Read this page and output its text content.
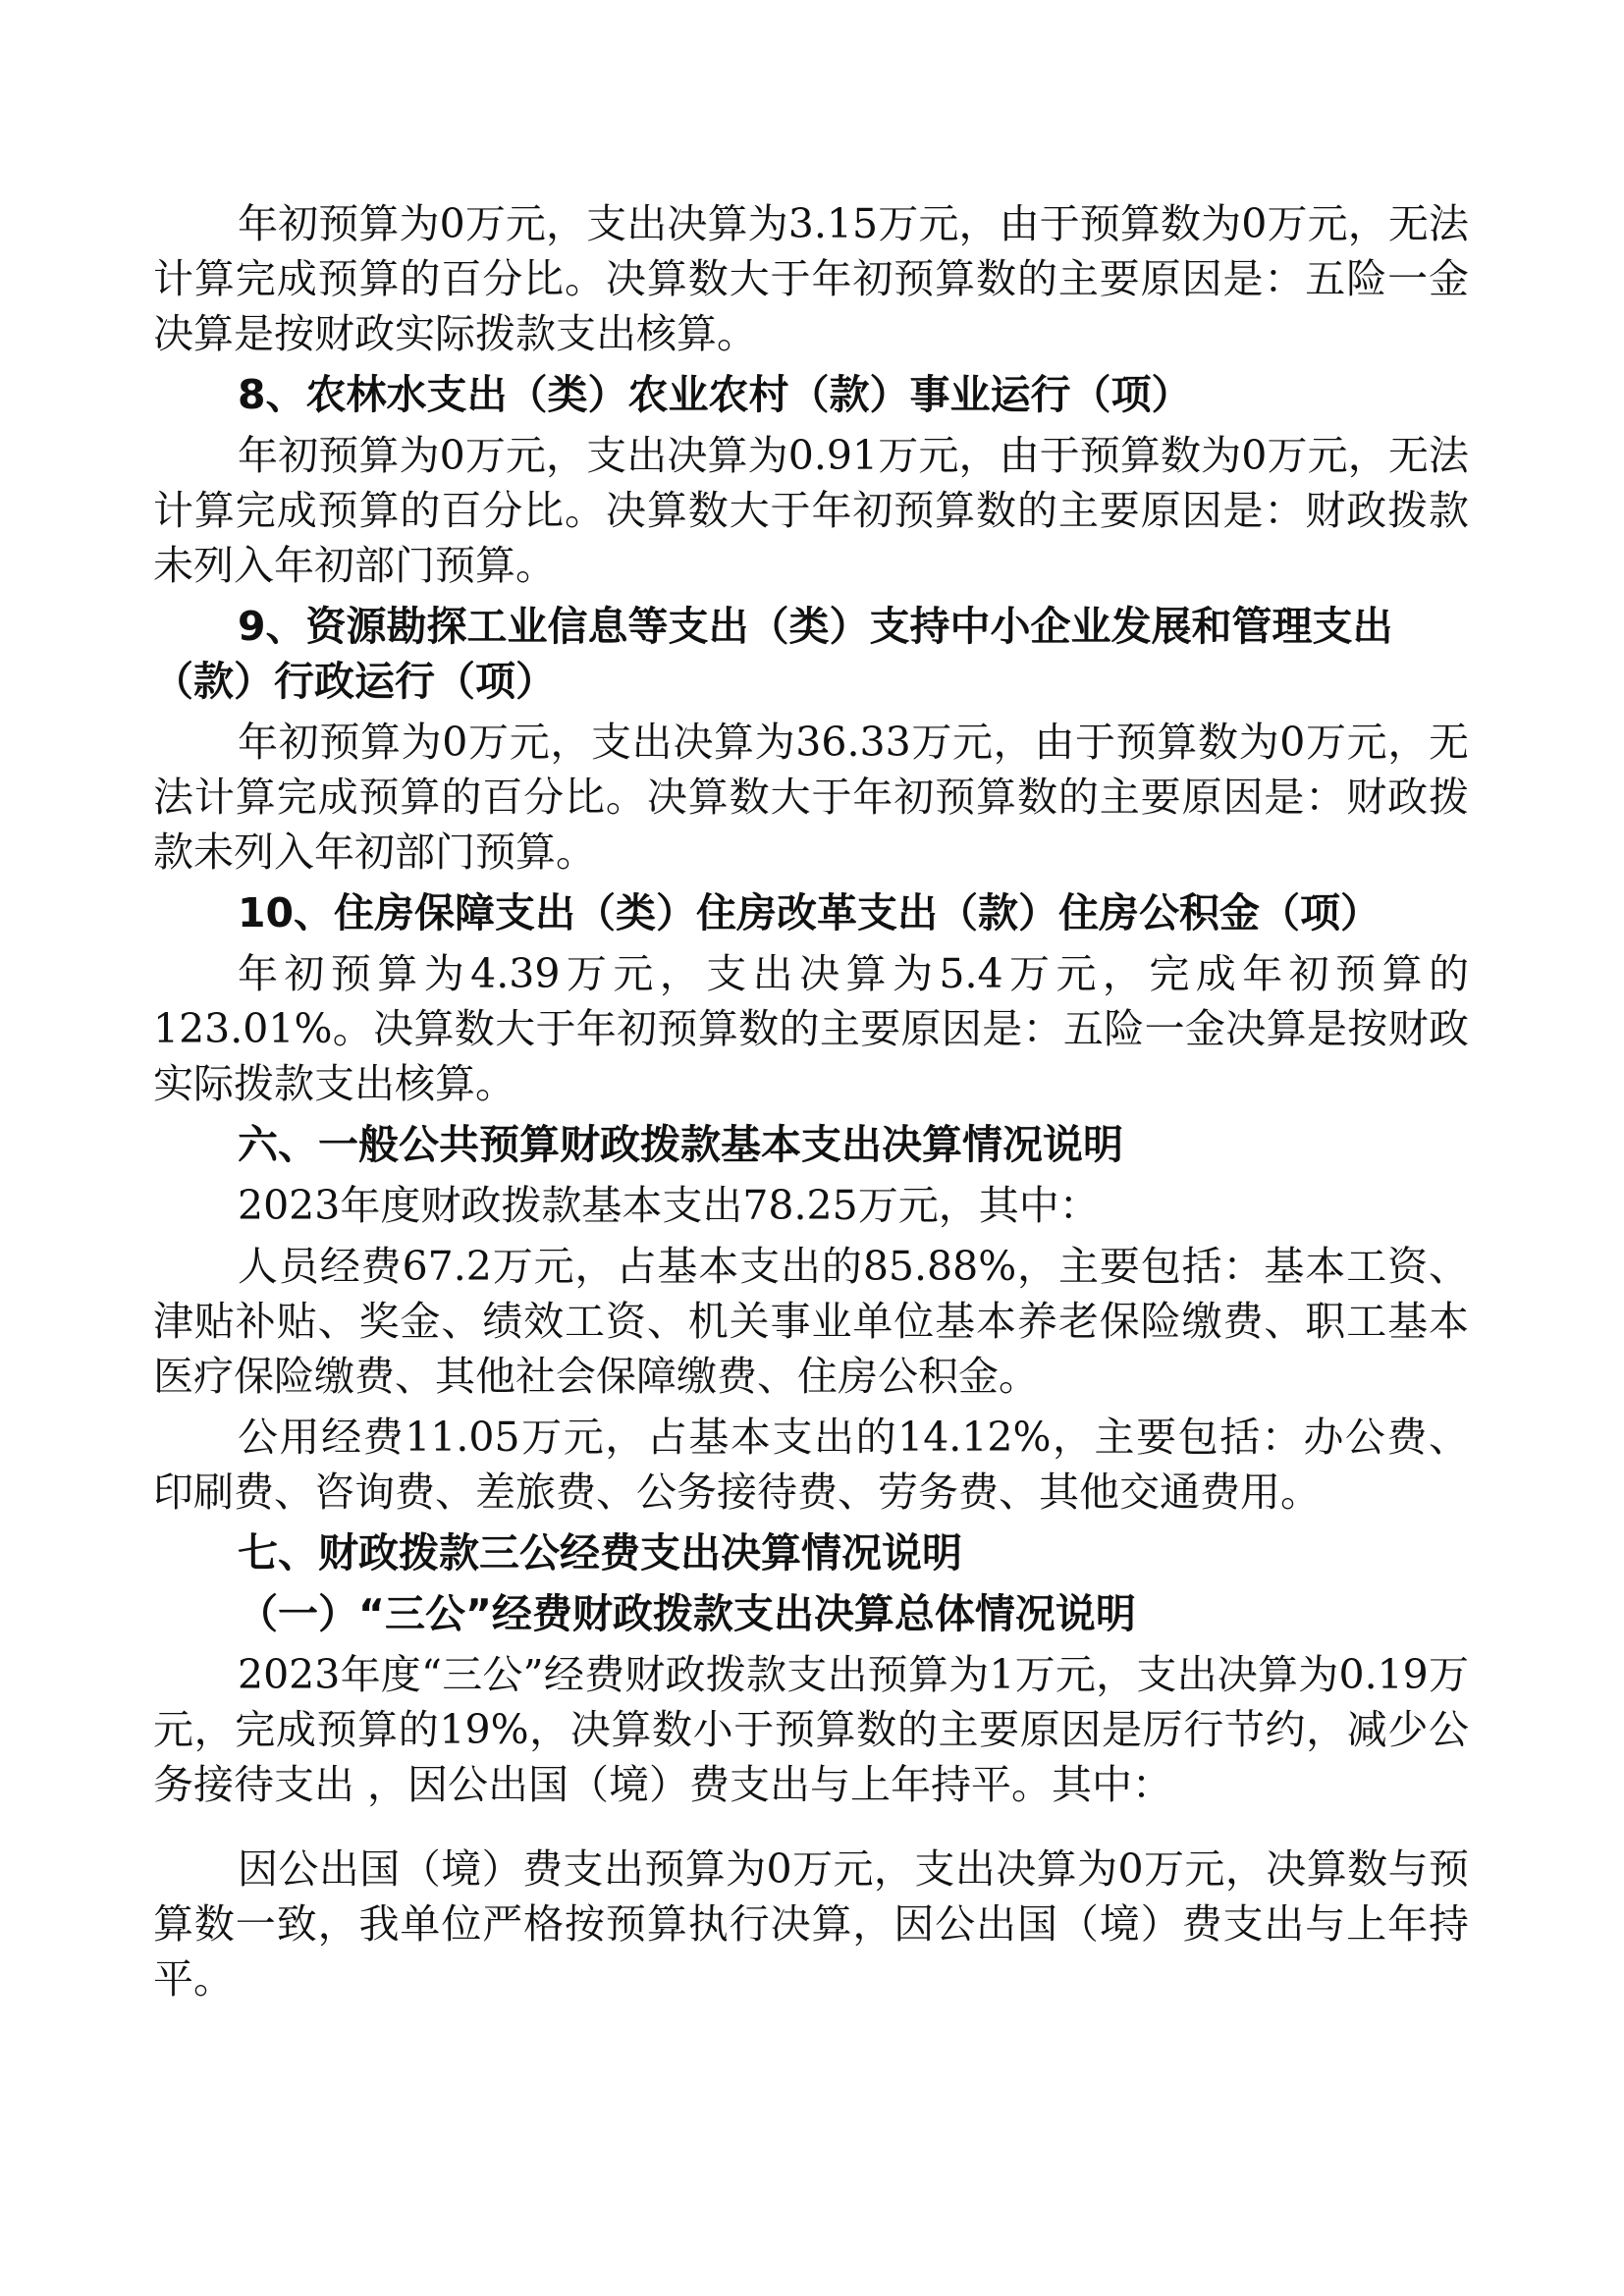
年初预算为0万元，支出决算为3.15万元，由于预算数为0万元，无法计算完成预算的百分比。决算数大于年初预算数的主要原因是：五险一金决算是按财政实际拨款支出核算。

8、农林水支出（类）农业农村（款）事业运行（项）

年初预算为0万元，支出决算为0.91万元，由于预算数为0万元，无法计算完成预算的百分比。决算数大于年初预算数的主要原因是：财政拨款未列入年初部门预算。

9、资源勘探工业信息等支出（类）支持中小企业发展和管理支出（款）行政运行（项）

年初预算为0万元，支出决算为36.33万元，由于预算数为0万元，无法计算完成预算的百分比。决算数大于年初预算数的主要原因是：财政拨款未列入年初部门预算。

10、住房保障支出（类）住房改革支出（款）住房公积金（项）

年初预算为4.39万元，支出决算为5.4万元，完成年初预算的123.01%。决算数大于年初预算数的主要原因是：五险一金决算是按财政实际拨款支出核算。

六、一般公共预算财政拨款基本支出决算情况说明

2023年度财政拨款基本支出78.25万元，其中：

人员经费67.2万元，占基本支出的85.88%，主要包括：基本工资、津贴补贴、奖金、绩效工资、机关事业单位基本养老保险缴费、职工基本医疗保险缴费、其他社会保障缴费、住房公积金。

公用经费11.05万元，占基本支出的14.12%，主要包括：办公费、印刷费、咨询费、差旅费、公务接待费、劳务费、其他交通费用。

七、财政拨款三公经费支出决算情况说明
（一）“三公”经费财政拨款支出决算总体情况说明

2023年度“三公”经费财政拨款支出预算为1万元，支出决算为0.19万元，完成预算的19%，决算数小于预算数的主要原因是厉行节约，减少公务接待支出 ，因公出国（境）费支出与上年持平。其中：

因公出国（境）费支出预算为0万元，支出决算为0万元，决算数与预算数一致，我单位严格按预算执行决算，因公出国（境）费支出与上年持平。
